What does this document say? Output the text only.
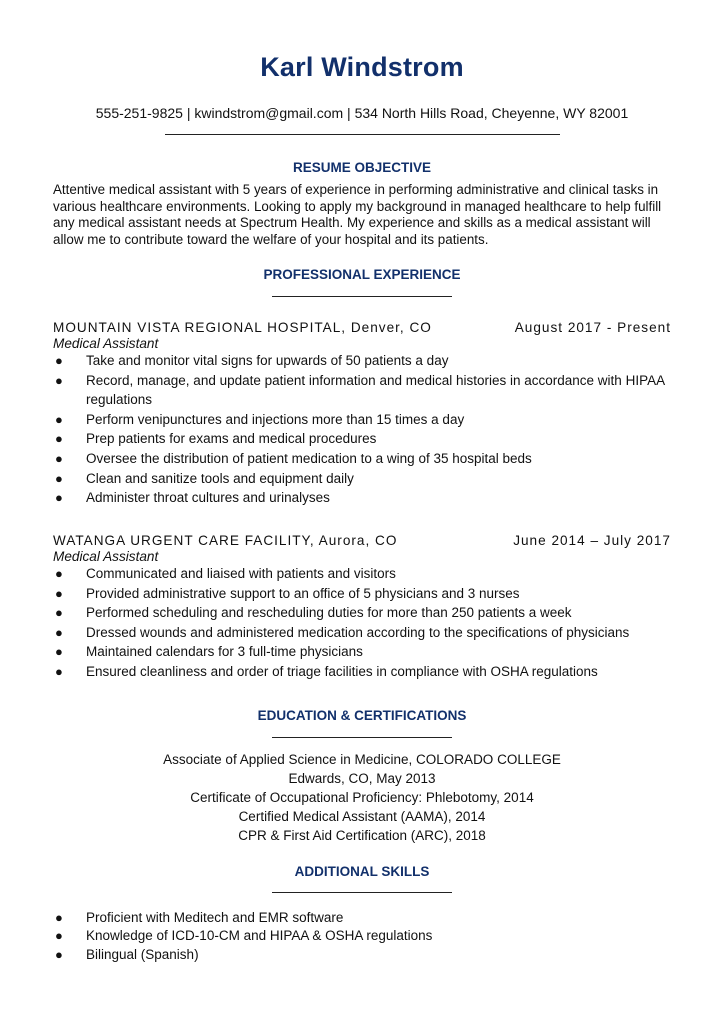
Karl Windstrom
555-251-9825 | kwindstrom@gmail.com | 534 North Hills Road, Cheyenne, WY 82001
RESUME OBJECTIVE
Attentive medical assistant with 5 years of experience in performing administrative and clinical tasks in various healthcare environments. Looking to apply my background in managed healthcare to help fulfill any medical assistant needs at Spectrum Health. My experience and skills as a medical assistant will allow me to contribute toward the welfare of your hospital and its patients.
PROFESSIONAL EXPERIENCE
MOUNTAIN VISTA REGIONAL HOSPITAL, Denver, CO	August 2017 - Present
Medical Assistant
● Take and monitor vital signs for upwards of 50 patients a day
● Record, manage, and update patient information and medical histories in accordance with HIPAA regulations
● Perform venipunctures and injections more than 15 times a day
● Prep patients for exams and medical procedures
● Oversee the distribution of patient medication to a wing of 35 hospital beds
● Clean and sanitize tools and equipment daily
● Administer throat cultures and urinalyses
WATANGA URGENT CARE FACILITY, Aurora, CO	June 2014 – July 2017
Medical Assistant
● Communicated and liaised with patients and visitors
● Provided administrative support to an office of 5 physicians and 3 nurses
● Performed scheduling and rescheduling duties for more than 250 patients a week
● Dressed wounds and administered medication according to the specifications of physicians
● Maintained calendars for 3 full-time physicians
● Ensured cleanliness and order of triage facilities in compliance with OSHA regulations
EDUCATION & CERTIFICATIONS
Associate of Applied Science in Medicine, COLORADO COLLEGE
Edwards, CO, May 2013
Certificate of Occupational Proficiency: Phlebotomy, 2014
Certified Medical Assistant (AAMA), 2014
CPR & First Aid Certification (ARC), 2018
ADDITIONAL SKILLS
● Proficient with Meditech and EMR software
● Knowledge of ICD-10-CM and HIPAA & OSHA regulations
● Bilingual (Spanish)
